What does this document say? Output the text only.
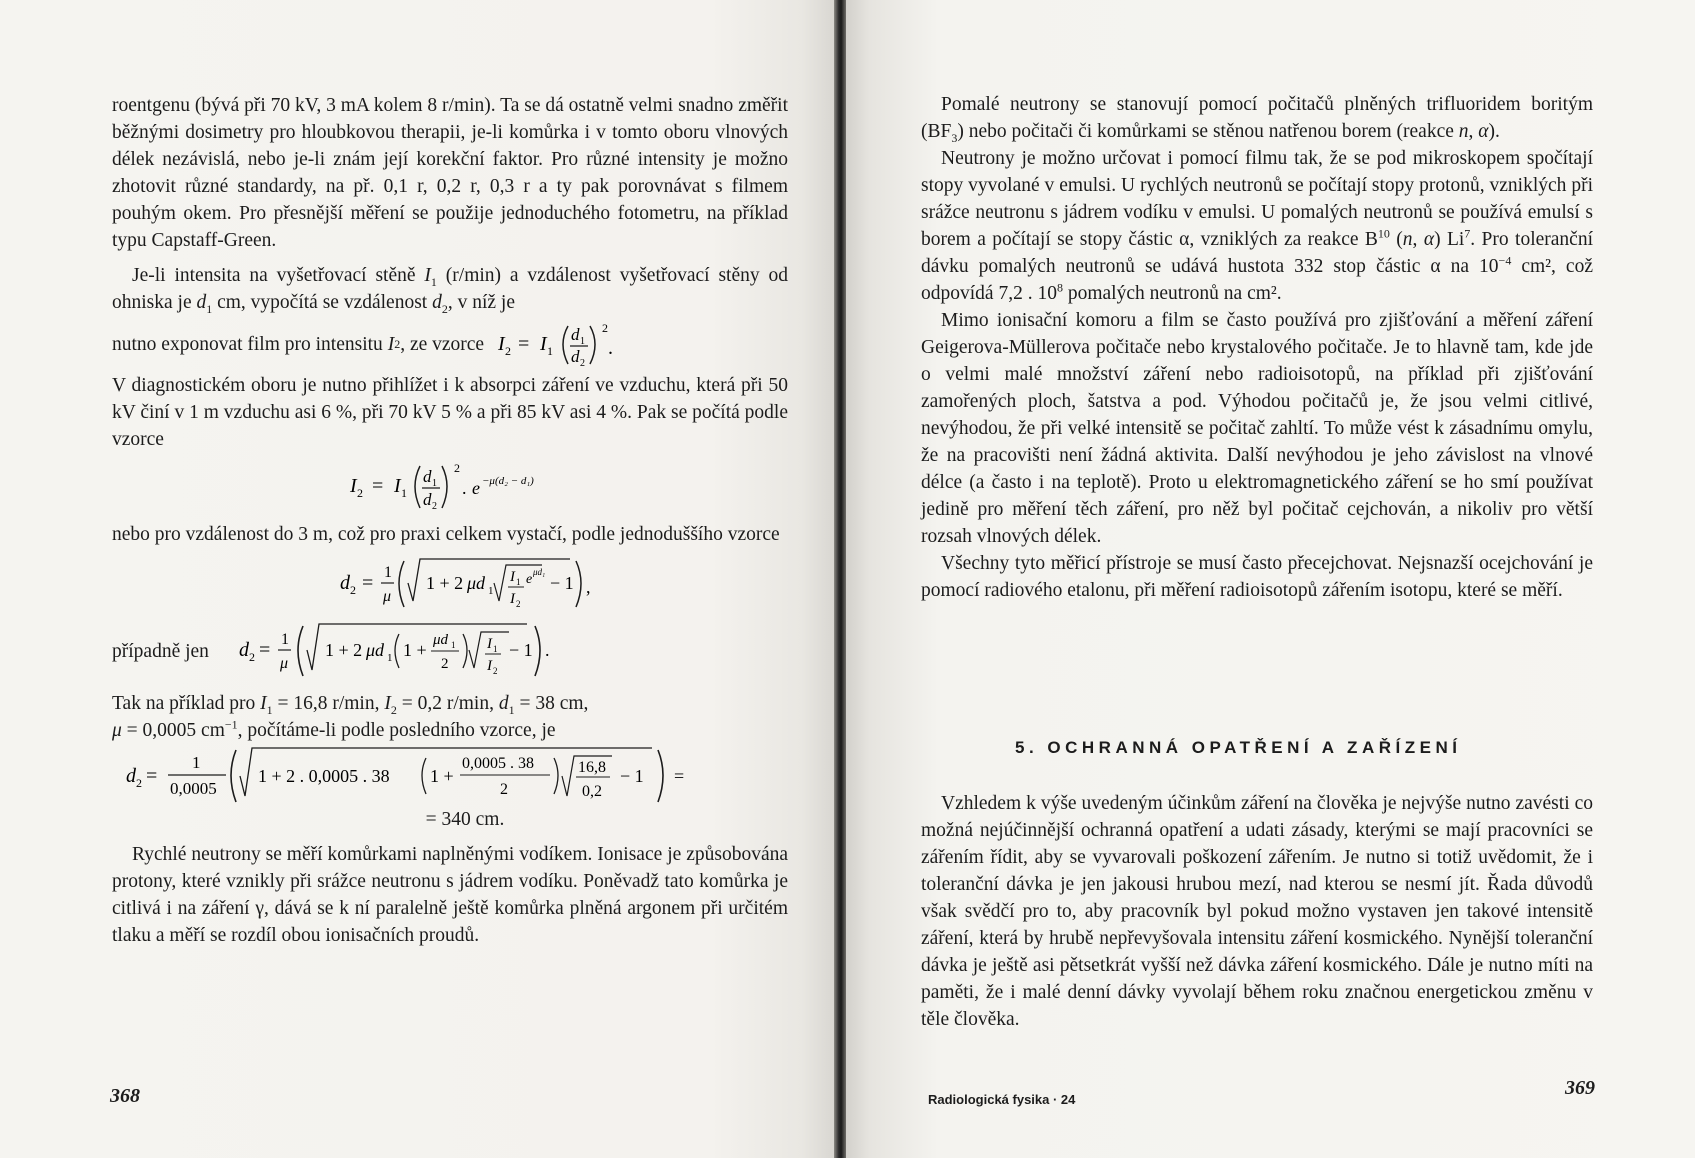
roentgenu (bývá při 70 kV, 3 mA kolem 8 r/min). Ta se dá ostatně velmi snadno změřit běžnými dosimetry pro hloubkovou therapii, je-li komůrka i v tomto oboru vlnových délek nezávislá, nebo je-li znám její korekční faktor. Pro různé intensity je možno zhotovit různé standardy, na př. 0,1 r, 0,2 r, 0,3 r a ty pak porovnávat s filmem pouhým okem. Pro přesnější měření se použije jednoduchého fotometru, na příklad typu Capstaff-Green.

Je-li intensita na vyšetřovací stěně $I_1$ (r/min) a vzdálenost vyšetřovací stěny od ohniska je $d_1$ cm, vypočítá se vzdálenost $d_2$, v níž je

nutno exponovat film pro intensitu
I 2 , ze vzorce I 2 = I 1
d 1
d 2
2
.

V diagnostickém oboru je nutno přihlížet i k absorpci záření ve vzduchu, která při 50 kV činí v 1 m vzduchu asi 6 %, při 70 kV 5 % a při 85 kV asi 4 %. Pak se počítá podle vzorce

I 2 = I 1
d 1
d 2
2
. e −μ(d₂ − d₁)

nebo pro vzdálenost do 3 m, což pro praxi celkem vystačí, podle jednoduššího vzorce

d 2 = 1
μ
1 + 2 μd 1
I 1
I 2
e μd₁
− 1 ,
případně jen d 2 = 1
μ
1 + 2 μd 1 1 + μd 1
2
I 1
I 2
− 1 .

Tak na příklad pro $I_1 = 16,8$ r/min, $I_2 = 0,2$ r/min, $d_1 = 38$ cm,
μ = 0,0005 $cm^{-1}$, počítáme-li podle posledního vzorce, je

d 2 =
1
0,0005
1 + 2 . 0,0005 . 38 1 +
0,0005 . 38
2
16,8
0,2
− 1 =
= 340 cm.

Rychlé neutrony se měří komůrkami naplněnými vodíkem. Ionisace je způsobována protony, které vznikly při srážce neutronu s jádrem vodíku. Poněvadž tato komůrka je citlivá i na záření γ, dává se k ní paralelně ještě komůrka plněná argonem při určitém tlaku a měří se rozdíl obou ionisačních proudů.

368

Pomalé neutrony se stanovují pomocí počitačů plněných trifluoridem boritým $(BF_3)$ nebo počitači či komůrkami se stěnou natřenou borem (reakce n, α).

Neutrony je možno určovat i pomocí filmu tak, že se pod mikroskopem spočítají stopy vyvolané v emulsi. U rychlých neutronů se počítají stopy protonů, vzniklých při srážce neutronu s jádrem vodíku v emulsi. U pomalých neutronů se používá emulsí s borem a počítají se stopy částic α, vzniklých za reakce $B^{10}$ (n, α) Li$^7$. Pro toleranční dávku pomalých neutronů se udává hustota 332 stop částic α na $10^{-4}$ cm², což odpovídá 7,2 . $10^8$ pomalých neutronů na cm².

Mimo ionisační komoru a film se často používá pro zjišťování a měření záření Geigerova-Müllerova počitače nebo krystalového počitače. Je to hlavně tam, kde jde o velmi malé množství záření nebo radioisotopů, na příklad při zjišťování zamořených ploch, šatstva a pod. Výhodou počitačů je, že jsou velmi citlivé, nevýhodou, že při velké intensitě se počitač zahltí. To může vést k zásadnímu omylu, že na pracovišti není žádná aktivita. Další nevýhodou je jeho závislost na vlnové délce (a často i na teplotě). Proto u elektromagnetického záření se ho smí používat jedině pro měření těch záření, pro něž byl počitač cejchován, a nikoliv pro větší rozsah vlnových délek.

Všechny tyto měřicí přístroje se musí často přecejchovat. Nejsnazší ocejchování je pomocí radiového etalonu, při měření radioisotopů zářením isotopu, které se měří.

5. OCHRANNÁ OPATŘENÍ A ZAŘÍZENÍ

Vzhledem k výše uvedeným účinkům záření na člověka je nejvýše nutno zavésti co možná nejúčinnější ochranná opatření a udati zásady, kterými se mají pracovníci se zářením řídit, aby se vyvarovali poškození zářením. Je nutno si totiž uvědomit, že i toleranční dávka je jen jakousi hrubou mezí, nad kterou se nesmí jít. Řada důvodů však svědčí pro to, aby pracovník byl pokud možno vystaven jen takové intensitě záření, která by hrubě nepřevyšovala intensitu záření kosmického. Nynější toleranční dávka je ještě asi pětsetkrát vyšší než dávka záření kosmického. Dále je nutno míti na paměti, že i malé denní dávky vyvolají během roku značnou energetickou změnu v těle člověka.

Radiologická fysika · 24
369
